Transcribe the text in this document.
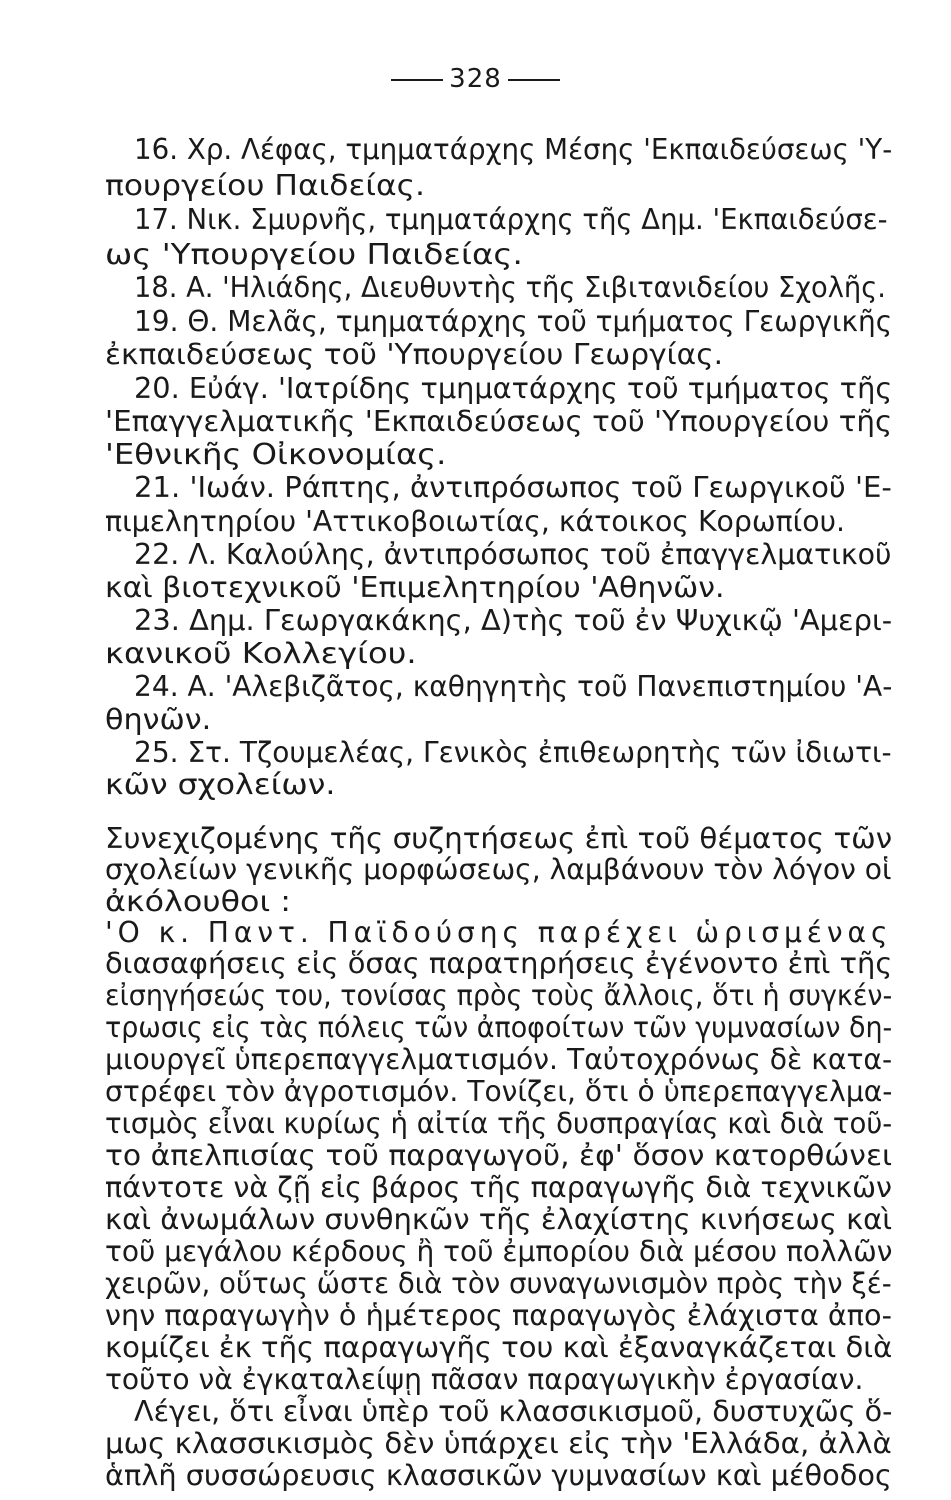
328
16. Χρ. Λέφας, τμηματάρχης Μέσης 'Εκπαιδεύσεως 'Υ-
πουργείου Παιδείας.
17. Νικ. Σμυρνῆς, τμηματάρχης τῆς Δημ. 'Εκπαιδεύσε-
ως 'Υπουργείου Παιδείας.
18. Α. 'Ηλιάδης, Διευθυντὴς τῆς Σιβιτανιδείου Σχολῆς.
19. Θ. Μελᾶς, τμηματάρχης τοῦ τμήματος Γεωργικῆς
ἐκπαιδεύσεως τοῦ 'Υπουργείου Γεωργίας.
20. Εὐάγ. 'Ιατρίδης τμηματάρχης τοῦ τμήματος τῆς
'Επαγγελματικῆς 'Εκπαιδεύσεως τοῦ 'Υπουργείου τῆς
'Εθνικῆς Οἰκονομίας.
21. 'Ιωάν. Ράπτης, ἀντιπρόσωπος τοῦ Γεωργικοῦ 'Ε-
πιμελητηρίου 'Αττικοβοιωτίας, κάτοικος Κορωπίου.
22. Λ. Καλούλης, ἀντιπρόσωπος τοῦ ἐπαγγελματικοῦ
καὶ βιοτεχνικοῦ 'Επιμελητηρίου 'Αθηνῶν.
23. Δημ. Γεωργακάκης, Δ)τὴς τοῦ ἐν Ψυχικῷ 'Αμερι-
κανικοῦ Κολλεγίου.
24. Α. 'Αλεβιζᾶτος, καθηγητὴς τοῦ Πανεπιστημίου 'Α-
θηνῶν.
25. Στ. Τζουμελέας, Γενικὸς ἐπιθεωρητὴς τῶν ἰδιωτι-
κῶν σχολείων.
Συνεχιζομένης τῆς συζητήσεως ἐπὶ τοῦ θέματος τῶν
σχολείων γενικῆς μορφώσεως, λαμβάνουν τὸν λόγον οἱ
ἀκόλουθοι :
'Ο κ. Παντ. Παϊδούσης παρέχει ὡρισμένας
διασαφήσεις εἰς ὅσας παρατηρήσεις ἐγένοντο ἐπὶ τῆς
εἰσηγήσεώς του, τονίσας πρὸς τοὺς ἄλλοις, ὅτι ἡ συγκέν-
τρωσις εἰς τὰς πόλεις τῶν ἀποφοίτων τῶν γυμνασίων δη-
μιουργεῖ ὑπερεπαγγελματισμόν. Ταὐτοχρόνως δὲ κατα-
στρέφει τὸν ἀγροτισμόν. Τονίζει, ὅτι ὁ ὑπερεπαγγελμα-
τισμὸς εἶναι κυρίως ἡ αἰτία τῆς δυσπραγίας καὶ διὰ τοῦ-
το ἀπελπισίας τοῦ παραγωγοῦ, ἐφ' ὅσον κατορθώνει
πάντοτε νὰ ζῇ εἰς βάρος τῆς παραγωγῆς διὰ τεχνικῶν
καὶ ἀνωμάλων συνθηκῶν τῆς ἐλαχίστης κινήσεως καὶ
τοῦ μεγάλου κέρδους ἢ τοῦ ἐμπορίου διὰ μέσου πολλῶν
χειρῶν, οὕτως ὥστε διὰ τὸν συναγωνισμὸν πρὸς τὴν ξέ-
νην παραγωγὴν ὁ ἡμέτερος παραγωγὸς ἐλάχιστα ἀπο-
κομίζει ἐκ τῆς παραγωγῆς του καὶ ἐξαναγκάζεται διὰ
τοῦτο νὰ ἐγκαταλείψῃ πᾶσαν παραγωγικὴν ἐργασίαν.
Λέγει, ὅτι εἶναι ὑπὲρ τοῦ κλασσικισμοῦ, δυστυχῶς ὅ-
μως κλασσικισμὸς δὲν ὑπάρχει εἰς τὴν 'Ελλάδα, ἀλλὰ
ἁπλῆ συσσώρευσις κλασσικῶν γυμνασίων καὶ μέθοδος
